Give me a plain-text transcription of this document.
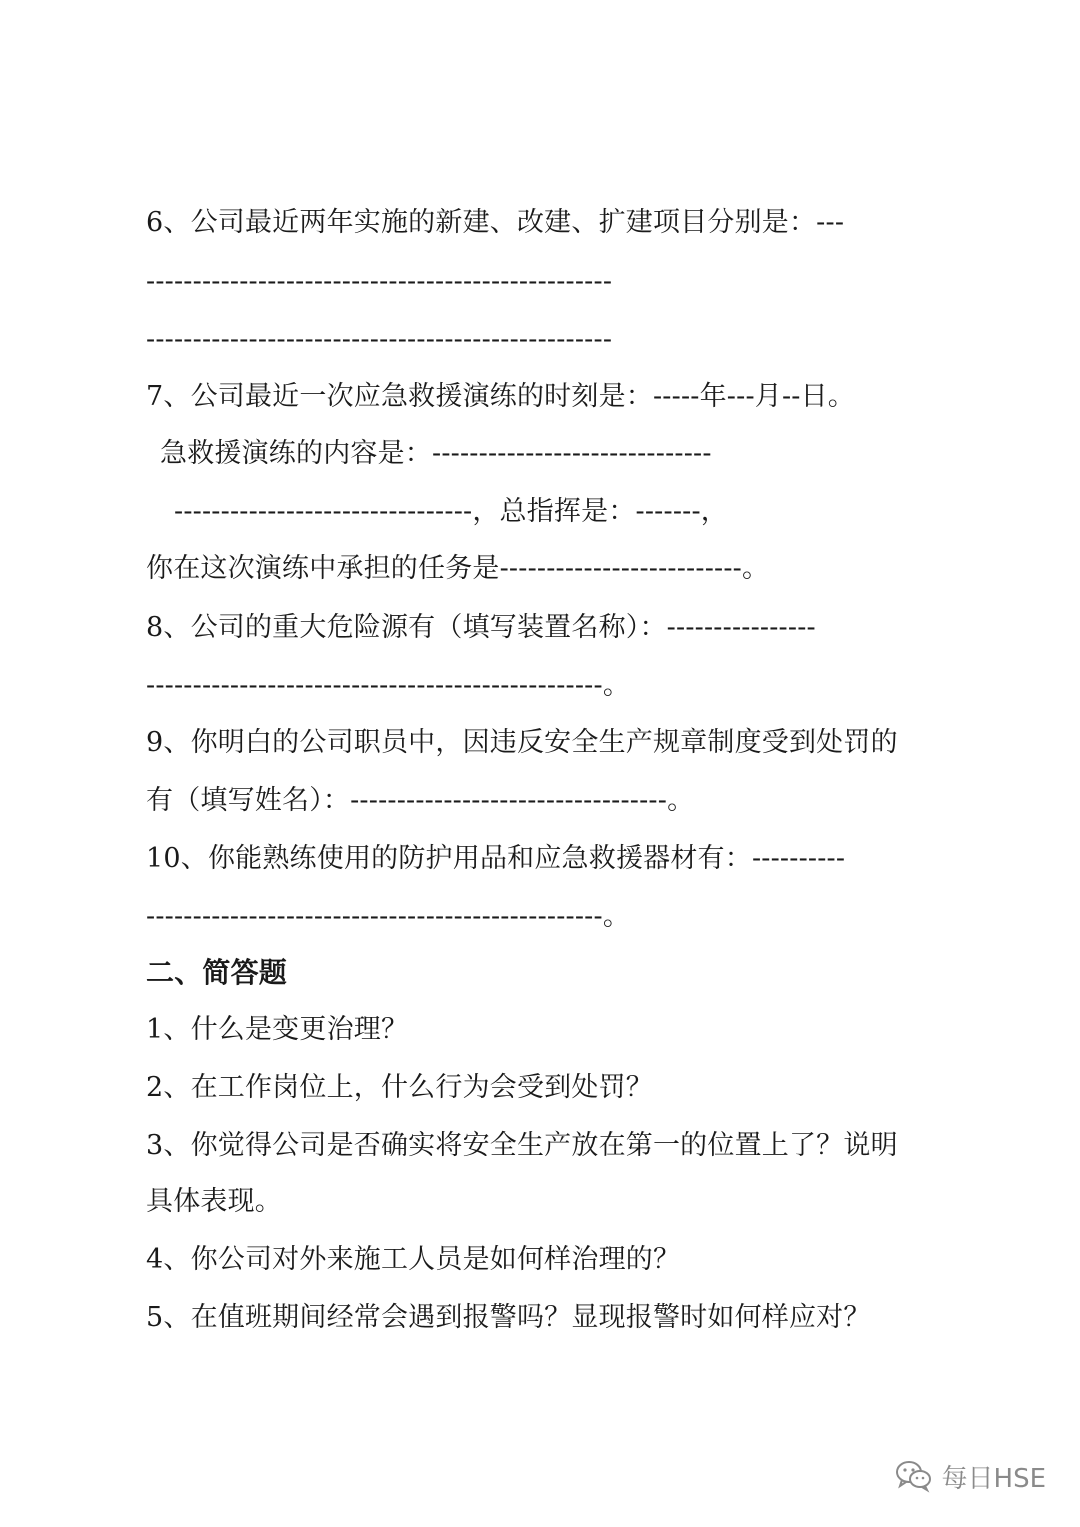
6、公司最近两年实施的新建、改建、扩建项目分别是：---
--------------------------------------------------
--------------------------------------------------
7、公司最近一次应急救援演练的时刻是：-----年---月--日。
急救援演练的内容是：------------------------------
--------------------------------，总指挥是：-------，
你在这次演练中承担的任务是--------------------------。
8、公司的重大危险源有（填写装置名称）：----------------
-------------------------------------------------。
9、你明白的公司职员中，因违反安全生产规章制度受到处罚的
有（填写姓名）：----------------------------------。
10、你能熟练使用的防护用品和应急救援器材有：----------
-------------------------------------------------。
二、简答题
1、什么是变更治理？
2、在工作岗位上，什么行为会受到处罚？
3、你觉得公司是否确实将安全生产放在第一的位置上了？说明
具体表现。
4、你公司对外来施工人员是如何样治理的？
5、在值班期间经常会遇到报警吗？显现报警时如何样应对？
每日HSE
